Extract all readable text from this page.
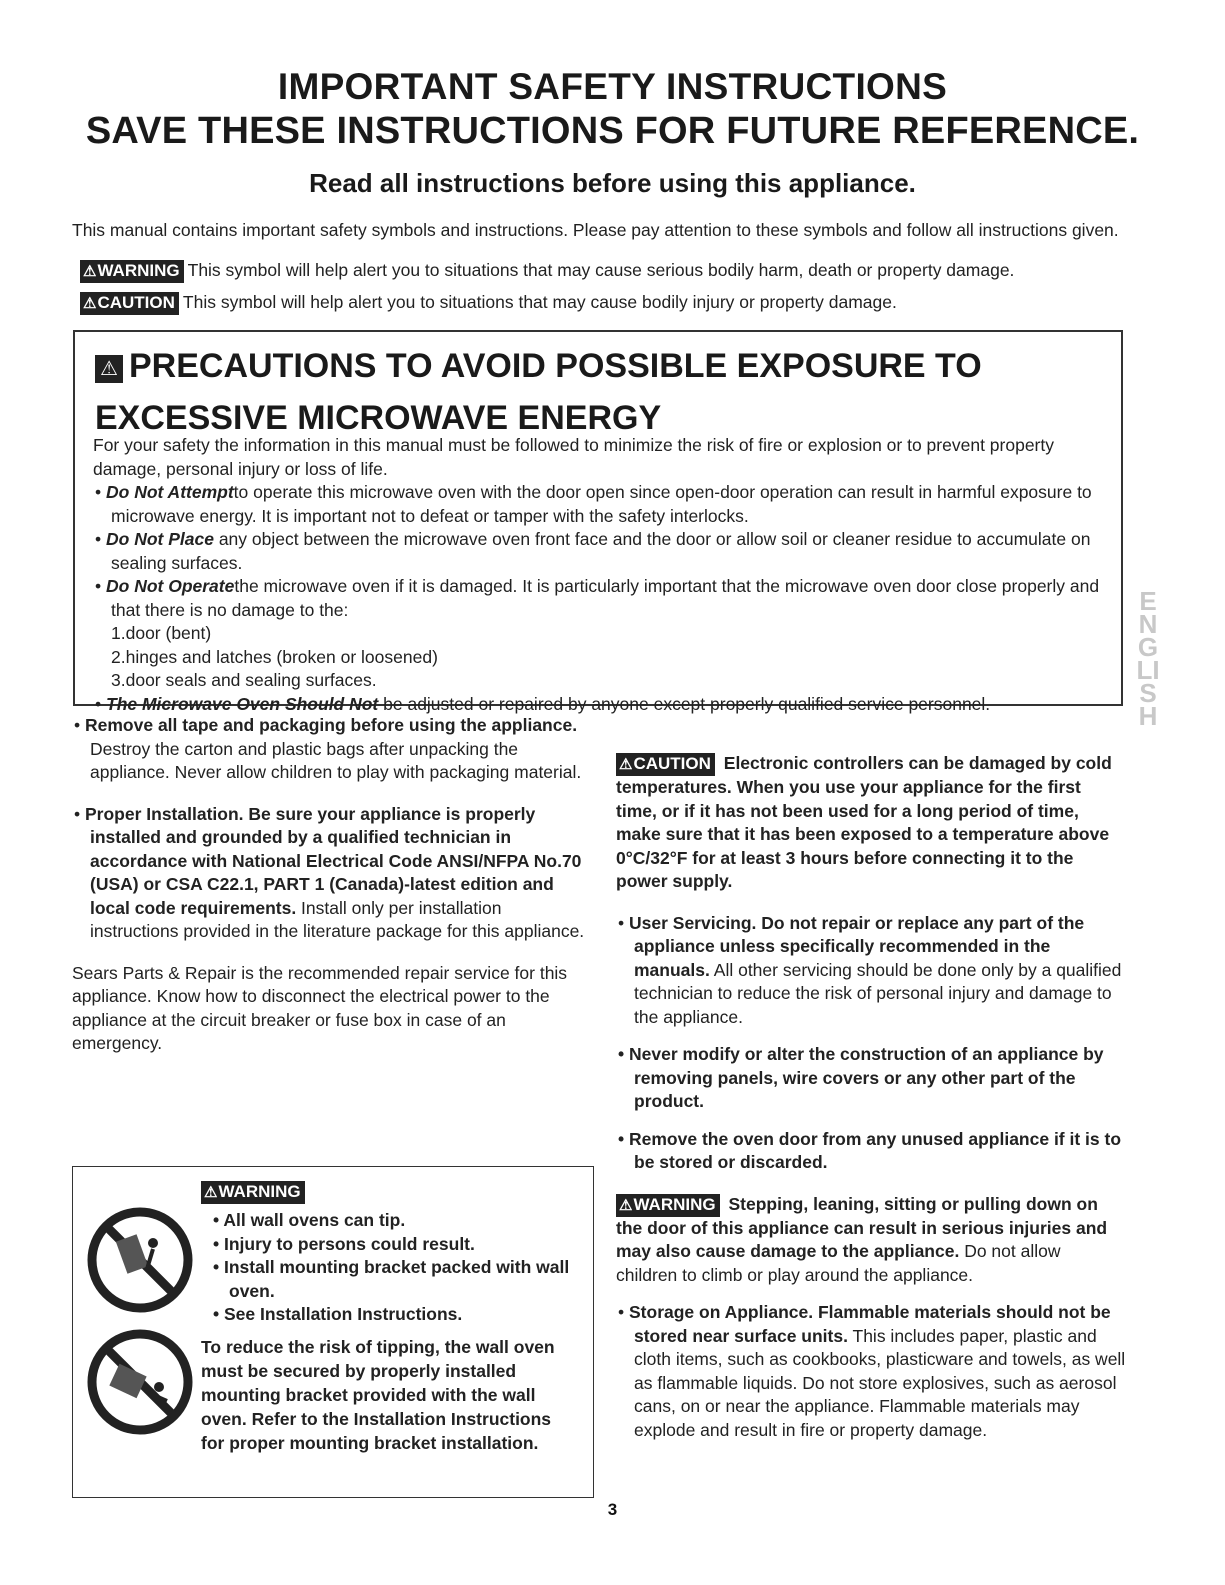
IMPORTANT SAFETY INSTRUCTIONS
SAVE THESE INSTRUCTIONS FOR FUTURE REFERENCE.
Read all instructions before using this appliance.

This manual contains important safety symbols and instructions. Please pay attention to these symbols and follow all instructions given.

⚠WARNING This symbol will help alert you to situations that may cause serious bodily harm, death or property damage.
⚠CAUTION This symbol will help alert you to situations that may cause bodily injury or property damage.
⚠ PRECAUTIONS TO AVOID POSSIBLE EXPOSURE TO EXCESSIVE MICROWAVE ENERGY

For your safety the information in this manual must be followed to minimize the risk of fire or explosion or to prevent property damage, personal injury or loss of life.

• Do Not Attemptto operate this microwave oven with the door open since open-door operation can result in harmful exposure to microwave energy. It is important not to defeat or tamper with the safety interlocks.

• Do Not Place any object between the microwave oven front face and the door or allow soil or cleaner residue to accumulate on sealing surfaces.

• Do Not Operatethe microwave oven if it is damaged. It is particularly important that the microwave oven door close properly and that there is no damage to the:

1.door (bent)

2.hinges and latches (broken or loosened)

3.door seals and sealing surfaces.

• The Microwave Oven Should Not be adjusted or repaired by anyone except properly qualified service personnel.

ENGLISH

• Remove all tape and packaging before using the appliance. Destroy the carton and plastic bags after unpacking the appliance. Never allow children to play with packaging material.

• Proper Installation. Be sure your appliance is properly installed and grounded by a qualified technician in accordance with National Electrical Code ANSI/NFPA No.70 (USA) or CSA C22.1, PART 1 (Canada)-latest edition and local code requirements. Install only per installation instructions provided in the literature package for this appliance.

Sears Parts & Repair is the recommended repair service for this appliance. Know how to disconnect the electrical power to the appliance at the circuit breaker or fuse box in case of an emergency.

⚠WARNING

• All wall ovens can tip.

• Injury to persons could result.

• Install mounting bracket packed with wall oven.

• See Installation Instructions.

To reduce the risk of tipping, the wall oven must be secured by properly installed mounting bracket provided with the wall oven. Refer to the Installation Instructions for proper mounting bracket installation.

⚠CAUTION Electronic controllers can be damaged by cold temperatures. When you use your appliance for the first time, or if it has not been used for a long period of time, make sure that it has been exposed to a temperature above 0°C/32°F for at least 3 hours before connecting it to the power supply.

• User Servicing. Do not repair or replace any part of the appliance unless specifically recommended in the manuals. All other servicing should be done only by a qualified technician to reduce the risk of personal injury and damage to the appliance.

• Never modify or alter the construction of an appliance by removing panels, wire covers or any other part of the product.

• Remove the oven door from any unused appliance if it is to be stored or discarded.

⚠WARNING Stepping, leaning, sitting or pulling down on the door of this appliance can result in serious injuries and may also cause damage to the appliance. Do not allow children to climb or play around the appliance.

• Storage on Appliance. Flammable materials should not be stored near surface units. This includes paper, plastic and cloth items, such as cookbooks, plasticware and towels, as well as flammable liquids. Do not store explosives, such as aerosol cans, on or near the appliance. Flammable materials may explode and result in fire or property damage.

3
